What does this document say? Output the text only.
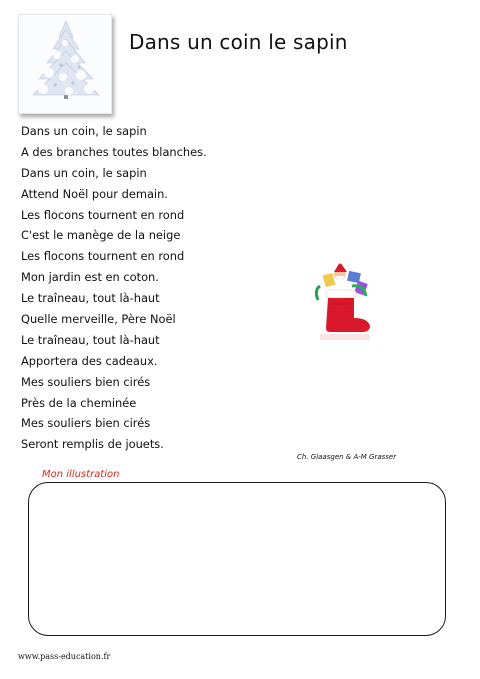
Dans un coin le sapin
Dans un coin, le sapin
A des branches toutes blanches.
Dans un coin, le sapin
Attend Noël pour demain.
Les flocons tournent en rond
C'est le manège de la neige
Les flocons tournent en rond
Mon jardin est en coton.
Le traîneau, tout là-haut
Quelle merveille, Père Noël
Le traîneau, tout là-haut
Apportera des cadeaux.
Mes souliers bien cirés
Près de la cheminée
Mes souliers bien cirés
Seront remplis de jouets.
Ch. Glaasgen & A-M Grasser
Mon illustration
www.pass-education.fr
